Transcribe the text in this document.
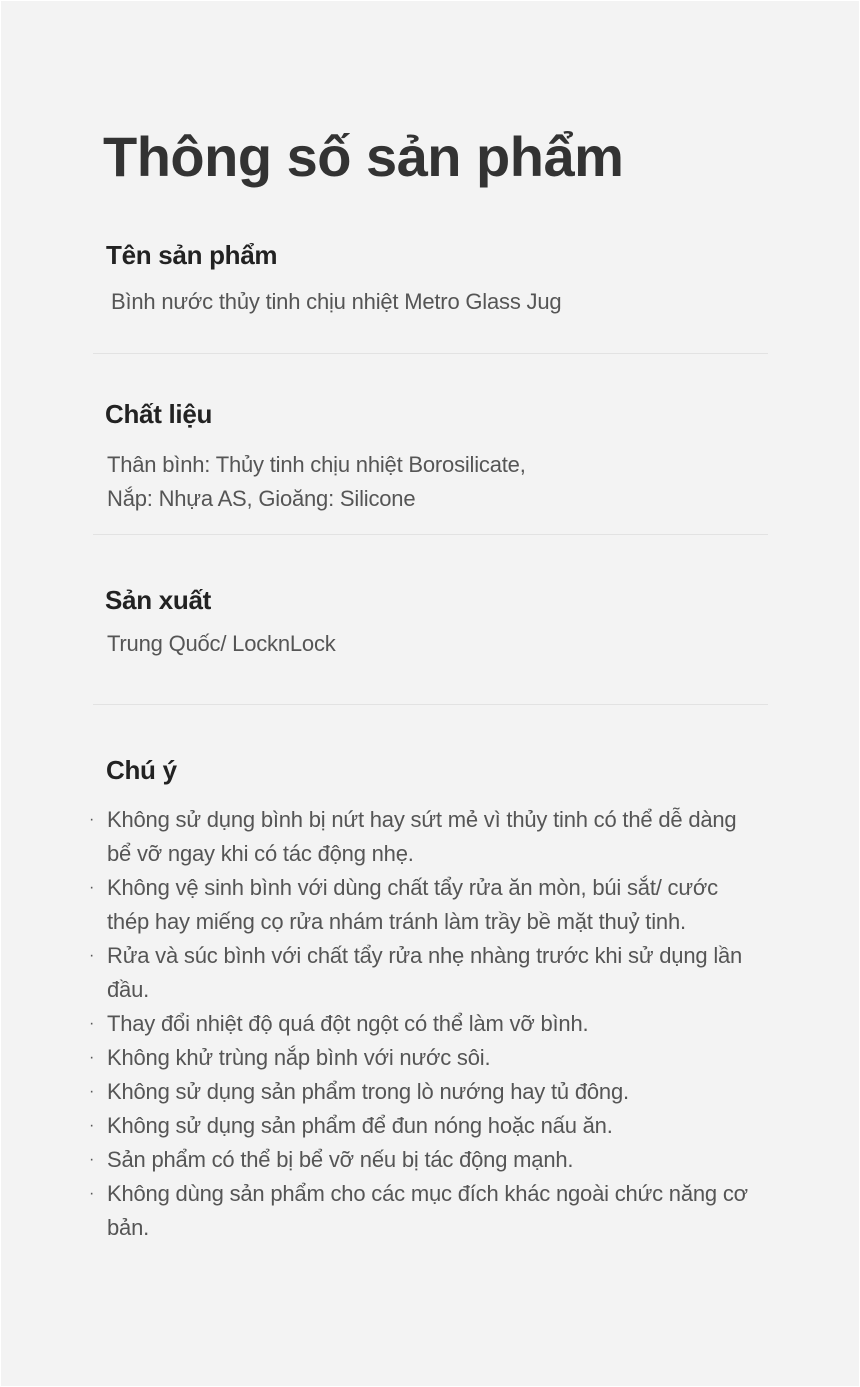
Thông số sản phẩm
Tên sản phẩm

Bình nước thủy tinh chịu nhiệt Metro Glass Jug

Chất liệu

Thân bình: Thủy tinh chịu nhiệt Borosilicate,

Nắp: Nhựa AS, Gioăng: Silicone

Sản xuất

Trung Quốc/ LocknLock

Chú ý
· Không sử dụng bình bị nứt hay sứt mẻ vì thủy tinh có thể dễ dàng bể vỡ ngay khi có tác động nhẹ.
· Không vệ sinh bình với dùng chất tẩy rửa ăn mòn, búi sắt/ cước thép hay miếng cọ rửa nhám tránh làm trầy bề mặt thuỷ tinh.
· Rửa và súc bình với chất tẩy rửa nhẹ nhàng trước khi sử dụng lần đầu.
· Thay đổi nhiệt độ quá đột ngột có thể làm vỡ bình.
· Không khử trùng nắp bình với nước sôi.
· Không sử dụng sản phẩm trong lò nướng hay tủ đông.
· Không sử dụng sản phẩm để đun nóng hoặc nấu ăn.
· Sản phẩm có thể bị bể vỡ nếu bị tác động mạnh.
· Không dùng sản phẩm cho các mục đích khác ngoài chức năng cơ bản.
